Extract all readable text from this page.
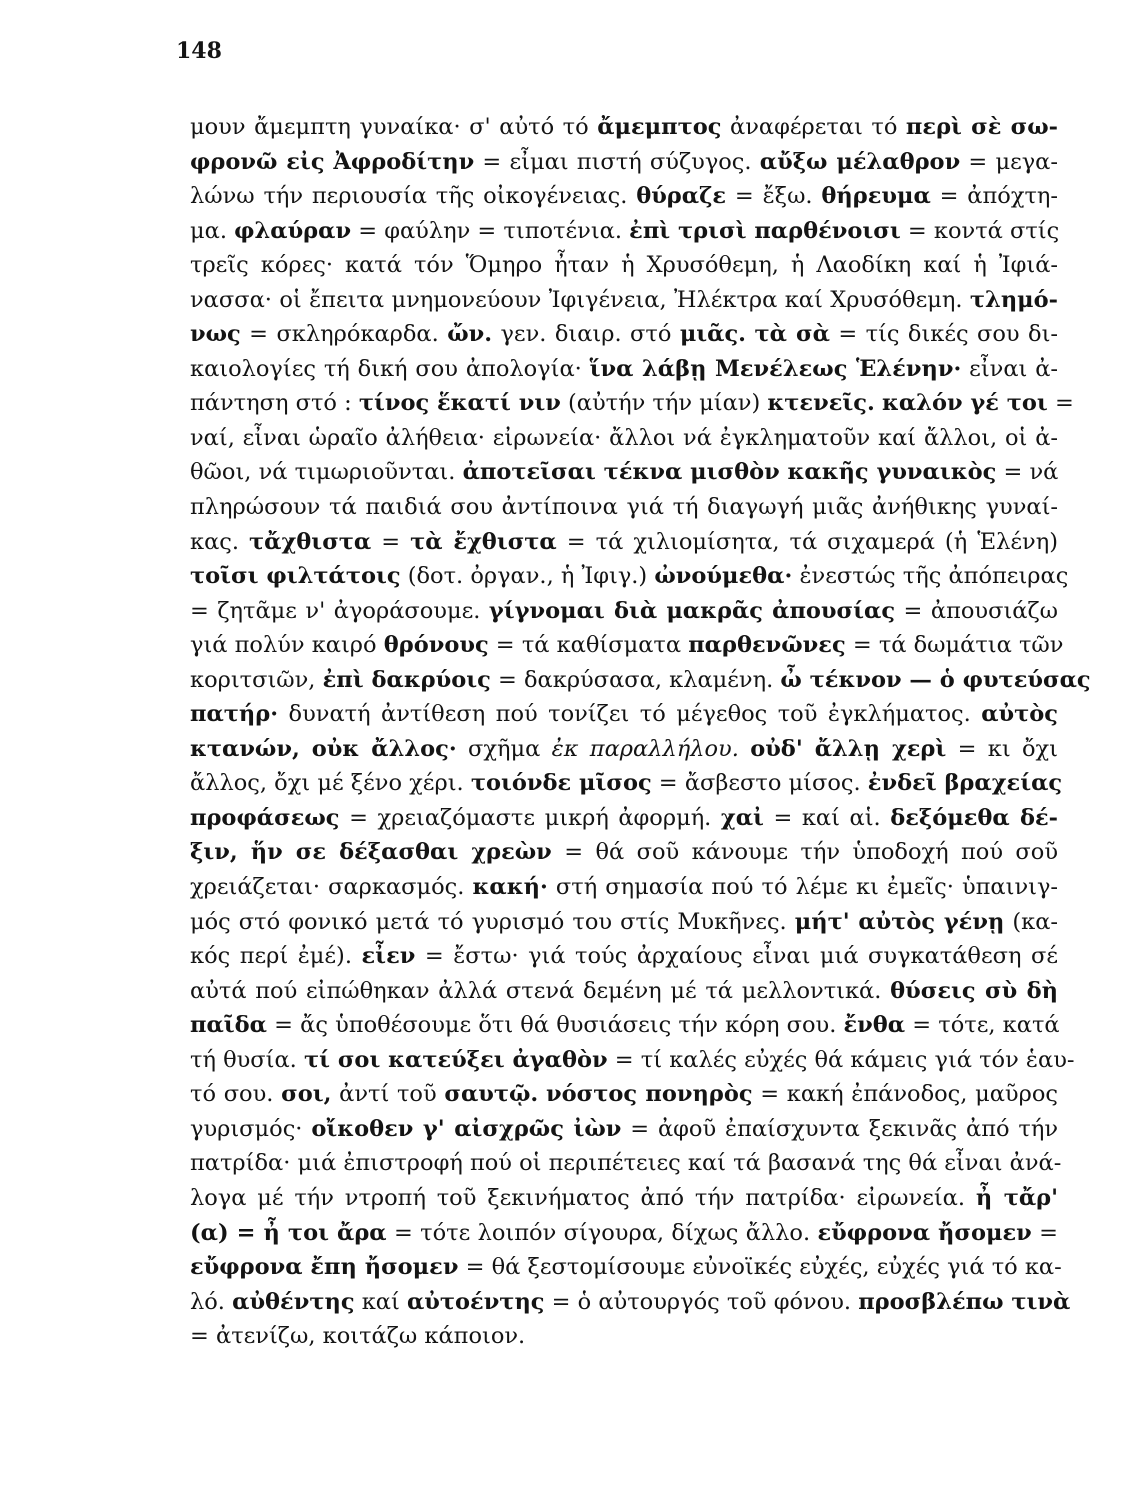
148
μουν ἄμεμπτη γυναίκα· σ' αὐτό τό ἄμεμπτος ἀναφέρεται τό περὶ σὲ σω-
φρονῶ εἰς Ἀφροδίτην = εἶμαι πιστή σύζυγος. αὔξω μέλαθρον = μεγα-
λώνω τήν περιουσία τῆς οἰκογένειας. θύραζε = ἔξω. θήρευμα = ἀπόχτη-
μα. φλαύραν = φαύλην = τιποτένια. ἐπὶ τρισὶ παρθένοισι = κοντά στίς
τρεῖς κόρες· κατά τόν Ὅμηρο ἦταν ἡ Χρυσόθεμη, ἡ Λαοδίκη καί ἡ Ἰφιά-
νασσα· οἱ ἔπειτα μνημονεύουν Ἰφιγένεια, Ἠλέκτρα καί Χρυσόθεμη. τλημό-
νως = σκληρόκαρδα. ὤν. γεν. διαιρ. στό μιᾶς. τὰ σὰ = τίς δικές σου δι-
καιολογίες τή δική σου ἀπολογία· ἵνα λάβῃ Μενέλεως Ἑλένην· εἶναι ἀ-
πάντηση στό : τίνος ἕκατί νιν (αὐτήν τήν μίαν) κτενεῖς. καλόν γέ τοι =
ναί, εἶναι ὡραῖο ἀλήθεια· εἰρωνεία· ἄλλοι νά ἐγκληματοῦν καί ἄλλοι, οἱ ἀ-
θῶοι, νά τιμωριοῦνται. ἀποτεῖσαι τέκνα μισθὸν κακῆς γυναικὸς = νά
πληρώσουν τά παιδιά σου ἀντίποινα γιά τή διαγωγή μιᾶς ἀνήθικης γυναί-
κας. τἄχθιστα = τὰ ἔχθιστα = τά χιλιομίσητα, τά σιχαμερά (ἡ Ἑλένη)
τοῖσι φιλτάτοις (δοτ. ὀργαν., ἡ Ἰφιγ.) ὠνούμεθα· ἐνεστώς τῆς ἀπόπειρας
= ζητᾶμε ν' ἀγοράσουμε. γίγνομαι διὰ μακρᾶς ἀπουσίας = ἀπουσιάζω
γιά πολύν καιρό θρόνους = τά καθίσματα παρθενῶνες = τά δωμάτια τῶν
κοριτσιῶν, ἐπὶ δακρύοις = δακρύσασα, κλαμένη. ὦ τέκνον — ὁ φυτεύσας
πατήρ· δυνατή ἀντίθεση πού τονίζει τό μέγεθος τοῦ ἐγκλήματος. αὐτὸς
κτανών, οὐκ ἄλλος· σχῆμα ἐκ παραλλήλου. οὐδ' ἄλλῃ χερὶ = κι ὄχι
ἄλλος, ὄχι μέ ξένο χέρι. τοιόνδε μῖσος = ἄσβεστο μίσος. ἐνδεῖ βραχείας
προφάσεως = χρειαζόμαστε μικρή ἀφορμή. χαἰ = καί αἱ. δεξόμεθα δέ-
ξιν, ἥν σε δέξασθαι χρεὼν = θά σοῦ κάνουμε τήν ὑποδοχή πού σοῦ
χρειάζεται· σαρκασμός. κακή· στή σημασία πού τό λέμε κι ἐμεῖς· ὑπαινιγ-
μός στό φονικό μετά τό γυρισμό του στίς Μυκῆνες. μήτ' αὐτὸς γένῃ (κα-
κός περί ἐμέ). εἶεν = ἔστω· γιά τούς ἀρχαίους εἶναι μιά συγκατάθεση σέ
αὐτά πού εἰπώθηκαν ἀλλά στενά δεμένη μέ τά μελλοντικά. θύσεις σὺ δὴ
παῖδα = ἄς ὑποθέσουμε ὅτι θά θυσιάσεις τήν κόρη σου. ἔνθα = τότε, κατά
τή θυσία. τί σοι κατεύξει ἀγαθὸν = τί καλές εὐχές θά κάμεις γιά τόν ἑαυ-
τό σου. σοι, ἀντί τοῦ σαυτῷ. νόστος πονηρὸς = κακή ἐπάνοδος, μαῦρος
γυρισμός· οἴκοθεν γ' αἰσχρῶς ἰὼν = ἀφοῦ ἐπαίσχυντα ξεκινᾶς ἀπό τήν
πατρίδα· μιά ἐπιστροφή πού οἱ περιπέτειες καί τά βασανά της θά εἶναι ἀνά-
λογα μέ τήν ντροπή τοῦ ξεκινήματος ἀπό τήν πατρίδα· εἰρωνεία. ἦ τἄρ'
(α) = ἦ τοι ἄρα = τότε λοιπόν σίγουρα, δίχως ἄλλο. εὔφρονα ἤσομεν =
εὔφρονα ἔπη ἤσομεν = θά ξεστομίσουμε εὐνοϊκές εὐχές, εὐχές γιά τό κα-
λό. αὐθέντης καί αὐτοέντης = ὁ αὐτουργός τοῦ φόνου. προσβλέπω τινὰ
= ἀτενίζω, κοιτάζω κάποιον.
